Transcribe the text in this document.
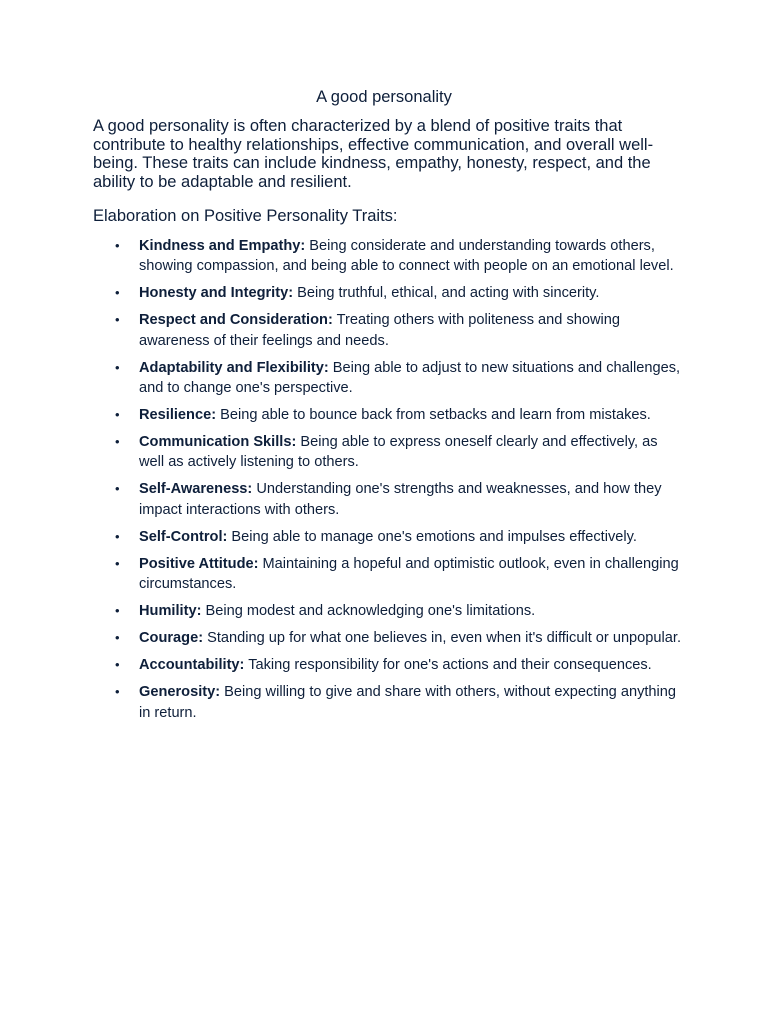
A good personality

A good personality is often characterized by a blend of positive traits that contribute to healthy relationships, effective communication, and overall well-being. These traits can include kindness, empathy, honesty, respect, and the ability to be adaptable and resilient.

Elaboration on Positive Personality Traits:
• Kindness and Empathy: Being considerate and understanding towards others, showing compassion, and being able to connect with people on an emotional level.
• Honesty and Integrity: Being truthful, ethical, and acting with sincerity.
• Respect and Consideration: Treating others with politeness and showing awareness of their feelings and needs.
• Adaptability and Flexibility: Being able to adjust to new situations and challenges, and to change one's perspective.
• Resilience: Being able to bounce back from setbacks and learn from mistakes.
• Communication Skills: Being able to express oneself clearly and effectively, as well as actively listening to others.
• Self-Awareness: Understanding one's strengths and weaknesses, and how they impact interactions with others.
• Self-Control: Being able to manage one's emotions and impulses effectively.
• Positive Attitude: Maintaining a hopeful and optimistic outlook, even in challenging circumstances.
• Humility: Being modest and acknowledging one's limitations.
• Courage: Standing up for what one believes in, even when it's difficult or unpopular.
• Accountability: Taking responsibility for one's actions and their consequences.
• Generosity: Being willing to give and share with others, without expecting anything in return.
